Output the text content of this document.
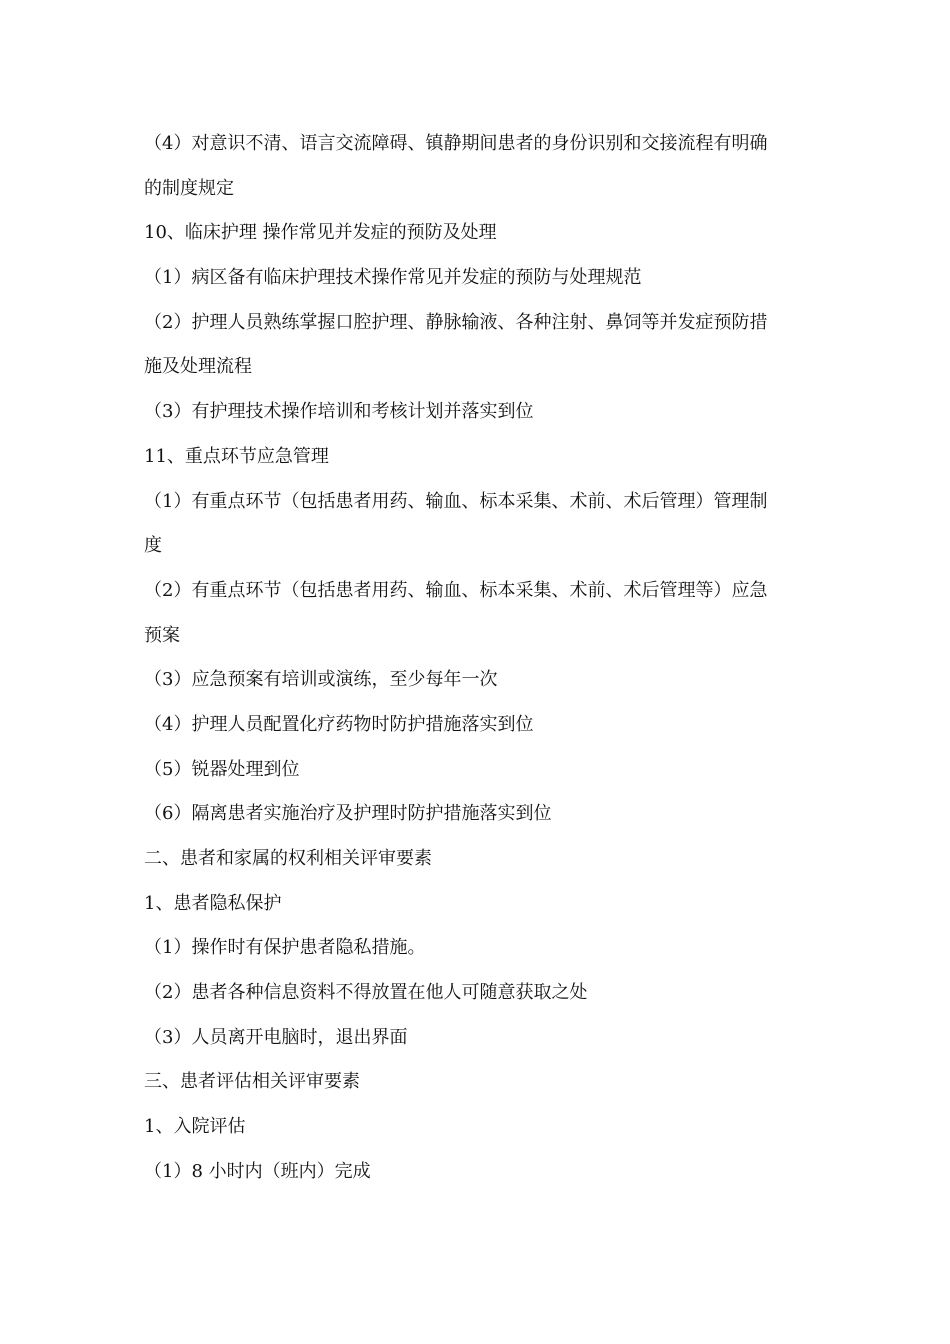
（4）对意识不清、语言交流障碍、镇静期间患者的身份识别和交接流程有明确
的制度规定
10、临床护理 操作常见并发症的预防及处理
（1）病区备有临床护理技术操作常见并发症的预防与处理规范
（2）护理人员熟练掌握口腔护理、静脉输液、各种注射、鼻饲等并发症预防措
施及处理流程
（3）有护理技术操作培训和考核计划并落实到位
11、重点环节应急管理
（1）有重点环节（包括患者用药、输血、标本采集、术前、术后管理）管理制
度
（2）有重点环节（包括患者用药、输血、标本采集、术前、术后管理等）应急
预案
（3）应急预案有培训或演练，至少每年一次
（4）护理人员配置化疗药物时防护措施落实到位
（5）锐器处理到位
（6）隔离患者实施治疗及护理时防护措施落实到位
二、患者和家属的权利相关评审要素
1、患者隐私保护
（1）操作时有保护患者隐私措施。
（2）患者各种信息资料不得放置在他人可随意获取之处
（3）人员离开电脑时，退出界面
三、患者评估相关评审要素
1、入院评估
（1）8 小时内（班内）完成
